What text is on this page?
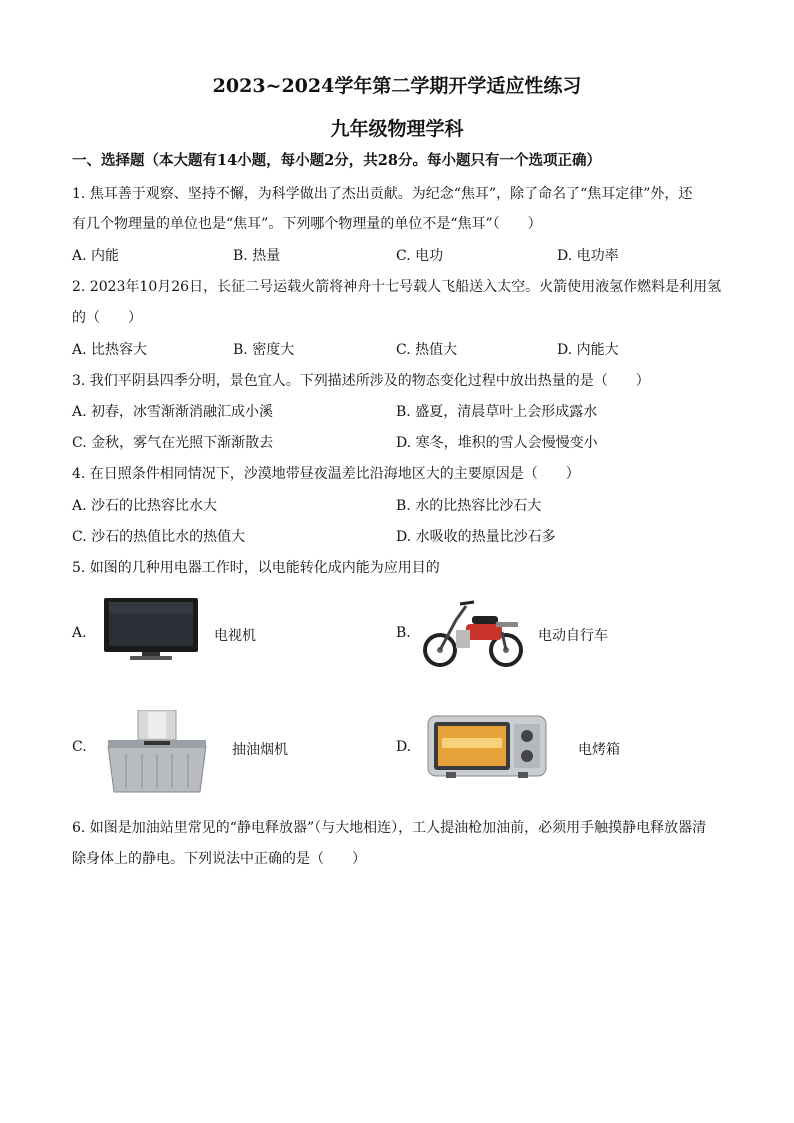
2023~2024学年第二学期开学适应性练习
九年级物理学科
一、选择题（本大题有14小题，每小题2分，共28分。每小题只有一个选项正确）
1. 焦耳善于观察、坚持不懈，为科学做出了杰出贡献。为纪念“焦耳”，除了命名了“焦耳定律”外，还
有几个物理量的单位也是“焦耳”。下列哪个物理量的单位不是“焦耳”（　　）
A. 内能	B. 热量	C. 电功	D. 电功率
2. 2023年10月26日，长征二号运载火箭将神舟十七号载人飞船送入太空。火箭使用液氢作燃料是利用氢
的（　　）
A. 比热容大	B. 密度大	C. 热值大	D. 内能大
3. 我们平阴县四季分明，景色宜人。下列描述所涉及的物态变化过程中放出热量的是（　　）
A. 初春，冰雪渐渐消融汇成小溪	B. 盛夏，清晨草叶上会形成露水
C. 金秋，雾气在光照下渐渐散去	D. 寒冬，堆积的雪人会慢慢变小
4. 在日照条件相同情况下，沙漠地带昼夜温差比沿海地区大的主要原因是（　　）
A. 沙石的比热容比水大	B. 水的比热容比沙石大
C. 沙石的热值比水的热值大	D. 水吸收的热量比沙石多
5. 如图的几种用电器工作时，以电能转化成内能为应用目的
A.	电视机	B.	电动自行车
C.	抽油烟机	D.	电烤箱
6. 如图是加油站里常见的“静电释放器”（与大地相连），工人提油枪加油前，必须用手触摸静电释放器清
除身体上的静电。下列说法中正确的是（　　）
